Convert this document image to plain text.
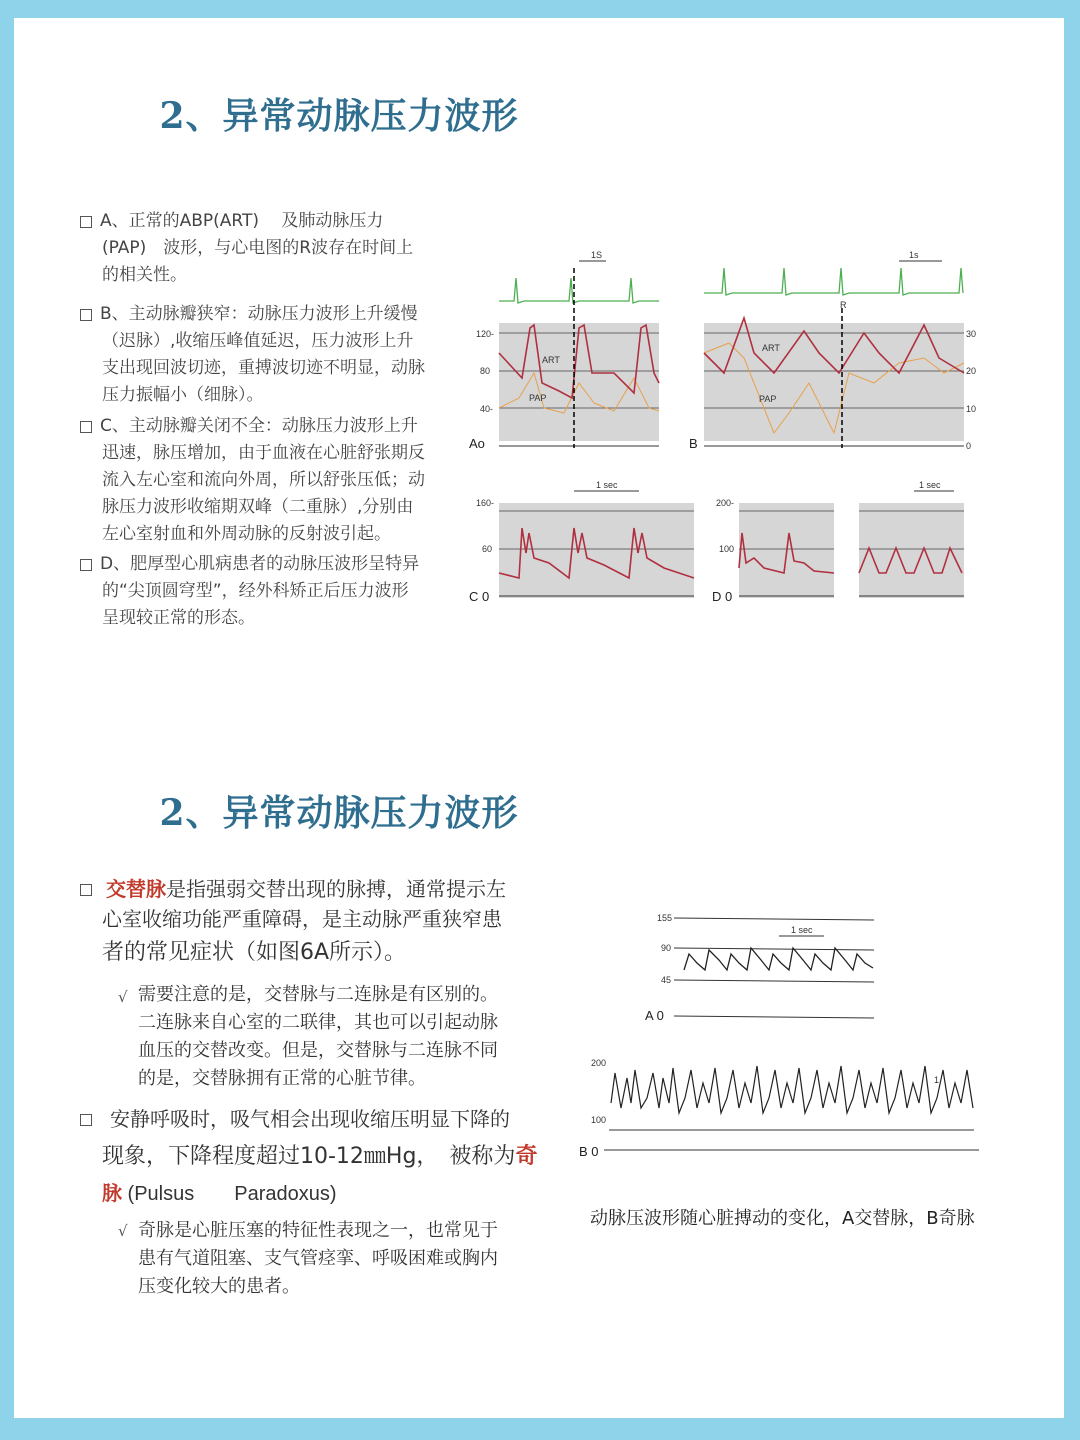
2、异常动脉压力波形
A、正常的ABP(ART)　 及肺动脉压力
(PAP)　波形，与心电图的R波存在时间上
的相关性。
B、主动脉瓣狭窄：动脉压力波形上升缓慢
（迟脉）,收缩压峰值延迟，压力波形上升
支出现回波切迹，重搏波切迹不明显，动脉
压力振幅小（细脉）。
C、主动脉瓣关闭不全：动脉压力波形上升
迅速，脉压增加，由于血液在心脏舒张期反
流入左心室和流向外周，所以舒张压低；动
脉压力波形收缩期双峰（二重脉）,分别由
左心室射血和外周动脉的反射波引起。
D、肥厚型心肌病患者的动脉压波形呈特异
的“尖顶圆穹型”，经外科矫正后压力波形
呈现较正常的形态。
1S
120-
80
40-
ART
PAP
Ao
1s
R
30
20
10
0
ART
PAP
B
1 sec
160-
60
C 0
1 sec
200-
100
D 0
2、异常动脉压力波形
交替脉是指强弱交替出现的脉搏，通常提示左
心室收缩功能严重障碍，是主动脉严重狭窄患
者的常见症状（如图6A所示）。
√ 需要注意的是，交替脉与二连脉是有区别的。
二连脉来自心室的二联律，其也可以引起动脉
血压的交替改变。但是，交替脉与二连脉不同
的是，交替脉拥有正常的心脏节律。
安静呼吸时，吸气相会出现收缩压明显下降的
现象，下降程度超过10-12㎜Hg，　被称为奇
脉 (Pulsus　　Paradoxus)
√ 奇脉是心脏压塞的特征性表现之一，也常见于
患有气道阻塞、支气管痉挛、呼吸困难或胸内
压变化较大的患者。
1 sec
155
90
45
A 0
200
100
1
B 0
动脉压波形随心脏搏动的变化，A交替脉，B奇脉
